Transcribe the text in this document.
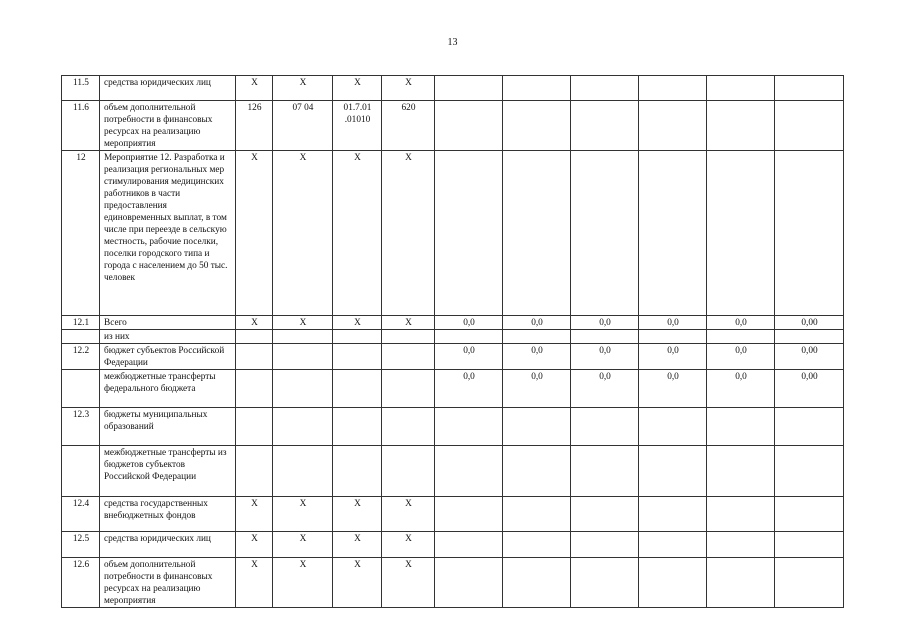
13
11.5	средства юридических лиц	Х	Х	Х	Х						
11.6	объем дополнительной потребности в финансовых ресурсах на реализацию мероприятия	126	07 04	01.7.01 .01010	620						
12	Мероприятие 12. Разработка и реализация региональных мер стимулирования медицинских работников в части предоставления единовременных выплат, в том числе при переезде в сельскую местность, рабочие поселки, поселки городского типа и города с населением до 50 тыс. человек	Х	Х	Х	Х						
12.1	Всего	Х	Х	Х	Х	0,0	0,0	0,0	0,0	0,0	0,00
	из них										
12.2	бюджет субъектов Российской Федерации					0,0	0,0	0,0	0,0	0,0	0,00
	межбюджетные трансферты федерального бюджета					0,0	0,0	0,0	0,0	0,0	0,00
12.3	бюджеты муниципальных образований										
	межбюджетные трансферты из бюджетов субъектов Российской Федерации										
12.4	средства государственных внебюджетных фондов	Х	Х	Х	Х						
12.5	средства юридических лиц	Х	Х	Х	Х						
12.6	объем дополнительной потребности в финансовых ресурсах на реализацию мероприятия	Х	Х	Х	Х						
